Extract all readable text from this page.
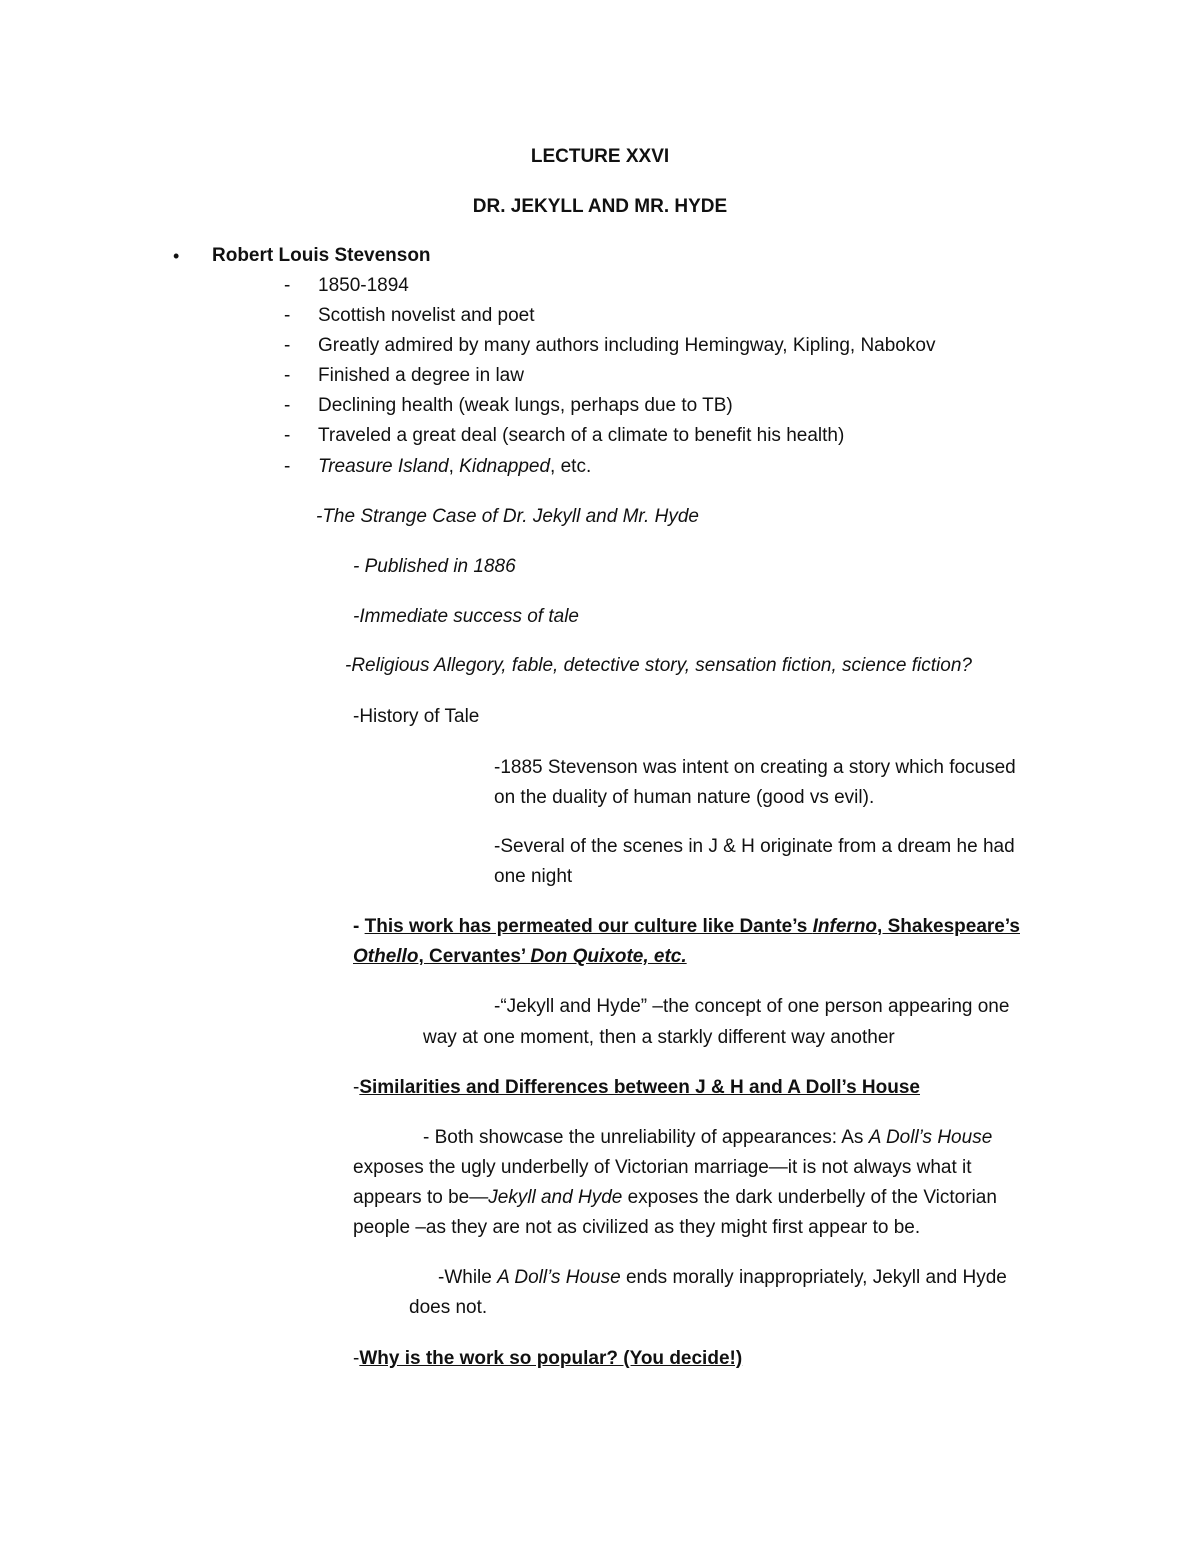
LECTURE XXVI
DR. JEKYLL AND MR. HYDE
• Robert Louis Stevenson
- 1850-1894
- Scottish novelist and poet
- Greatly admired by many authors including Hemingway, Kipling, Nabokov
- Finished a degree in law
- Declining health (weak lungs, perhaps due to TB)
- Traveled a great deal (search of a climate to benefit his health)
- Treasure Island, Kidnapped, etc.
-The Strange Case of Dr. Jekyll and Mr. Hyde
- Published in 1886
-Immediate success of tale
-Religious Allegory, fable, detective story, sensation fiction, science fiction?
-History of Tale
-1885 Stevenson was intent on creating a story which focused
on the duality of human nature (good vs evil).
-Several of the scenes in J & H originate from a dream he had
one night
- This work has permeated our culture like Dante’s Inferno, Shakespeare’s
Othello, Cervantes’ Don Quixote, etc.
-“Jekyll and Hyde” –the concept of one person appearing one
way at one moment, then a starkly different way another
-Similarities and Differences between J & H and A Doll’s House
- Both showcase the unreliability of appearances: As A Doll’s House
exposes the ugly underbelly of Victorian marriage—it is not always what it
appears to be—Jekyll and Hyde exposes the dark underbelly of the Victorian
people –as they are not as civilized as they might first appear to be.
-While A Doll’s House ends morally inappropriately, Jekyll and Hyde
does not.
-Why is the work so popular? (You decide!)
